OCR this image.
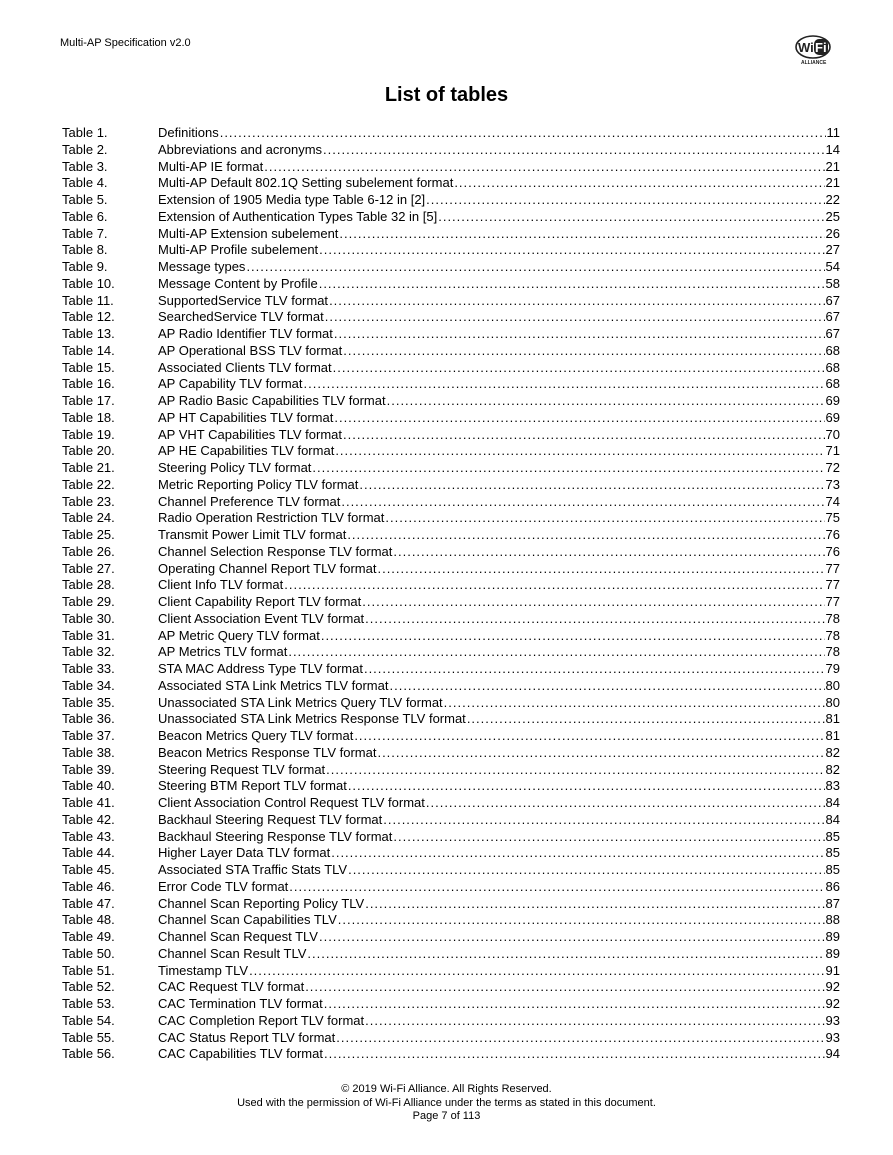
Multi-AP Specification v2.0	Wi Fi
ALLIANCE
List of tables
Table 1.	Definitions .....	11
Table 2.	Abbreviations and acronyms .....	14
Table 3.	Multi-AP IE format .....	21
Table 4.	Multi-AP Default 802.1Q Setting subelement format .....	21
Table 5.	Extension of 1905 Media type Table 6-12 in [2] .....	22
Table 6.	Extension of Authentication Types Table 32 in [5] .....	25
Table 7.	Multi-AP Extension subelement .....	26
Table 8.	Multi-AP Profile subelement .....	27
Table 9.	Message types .....	54
Table 10.	Message Content by Profile .....	58
Table 11.	SupportedService TLV format .....	67
Table 12.	SearchedService TLV format .....	67
Table 13.	AP Radio Identifier TLV format .....	67
Table 14.	AP Operational BSS TLV format .....	68
Table 15.	Associated Clients TLV format .....	68
Table 16.	AP Capability TLV format .....	68
Table 17.	AP Radio Basic Capabilities TLV format .....	69
Table 18.	AP HT Capabilities TLV format .....	69
Table 19.	AP VHT Capabilities TLV format .....	70
Table 20.	AP HE Capabilities TLV format .....	71
Table 21.	Steering Policy TLV format .....	72
Table 22.	Metric Reporting Policy TLV format .....	73
Table 23.	Channel Preference TLV format .....	74
Table 24.	Radio Operation Restriction TLV format .....	75
Table 25.	Transmit Power Limit TLV format .....	76
Table 26.	Channel Selection Response TLV format .....	76
Table 27.	Operating Channel Report TLV format .....	77
Table 28.	Client Info TLV format .....	77
Table 29.	Client Capability Report TLV format .....	77
Table 30.	Client Association Event TLV format .....	78
Table 31.	AP Metric Query TLV format .....	78
Table 32.	AP Metrics TLV format .....	78
Table 33.	STA MAC Address Type TLV format .....	79
Table 34.	Associated STA Link Metrics TLV format .....	80
Table 35.	Unassociated STA Link Metrics Query TLV format .....	80
Table 36.	Unassociated STA Link Metrics Response TLV format .....	81
Table 37.	Beacon Metrics Query TLV format .....	81
Table 38.	Beacon Metrics Response TLV format .....	82
Table 39.	Steering Request TLV format .....	82
Table 40.	Steering BTM Report TLV format .....	83
Table 41.	Client Association Control Request TLV format .....	84
Table 42.	Backhaul Steering Request TLV format .....	84
Table 43.	Backhaul Steering Response TLV format .....	85
Table 44.	Higher Layer Data TLV format .....	85
Table 45.	Associated STA Traffic Stats TLV .....	85
Table 46.	Error Code TLV format .....	86
Table 47.	Channel Scan Reporting Policy TLV .....	87
Table 48.	Channel Scan Capabilities TLV .....	88
Table 49.	Channel Scan Request TLV .....	89
Table 50.	Channel Scan Result TLV .....	89
Table 51.	Timestamp TLV .....	91
Table 52.	CAC Request TLV format .....	92
Table 53.	CAC Termination TLV format .....	92
Table 54.	CAC Completion Report TLV format .....	93
Table 55.	CAC Status Report TLV format .....	93
Table 56.	CAC Capabilities TLV format .....	94
© 2019 Wi-Fi Alliance. All Rights Reserved.
Used with the permission of Wi-Fi Alliance under the terms as stated in this document.
Page 7 of 113
